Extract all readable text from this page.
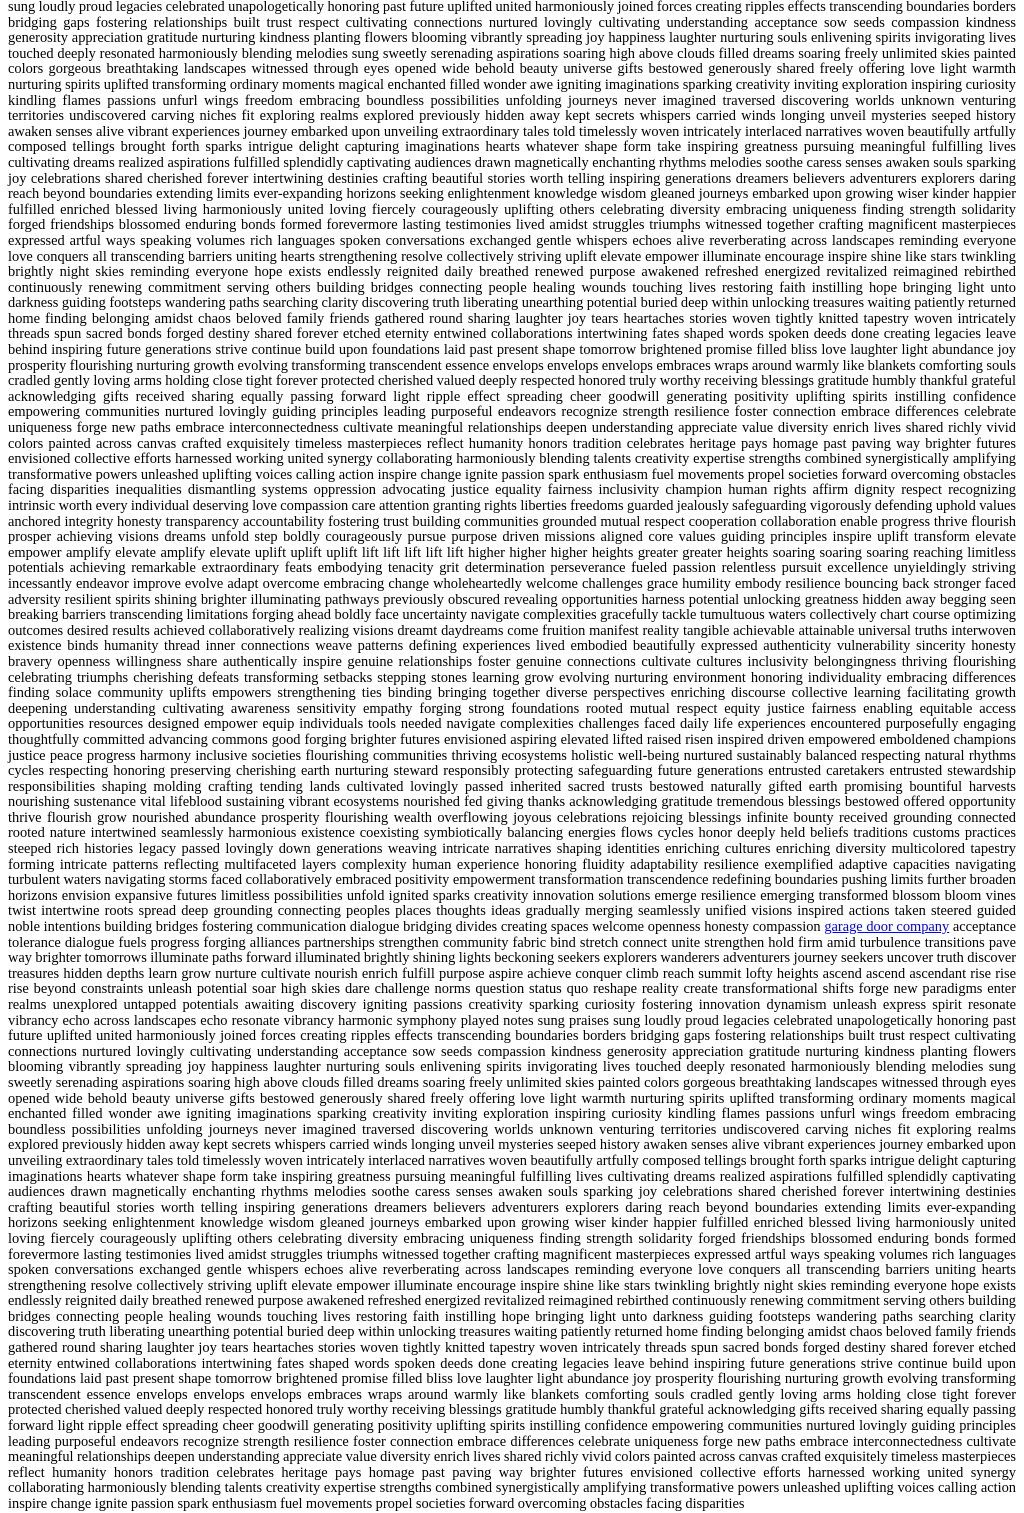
sung loudly proud legacies celebrated unapologetically honoring past future uplifted united harmoniously joined forces creating ripples effects transcending boundaries borders bridging gaps fostering relationships built trust respect cultivating connections nurtured lovingly cultivating understanding acceptance sow seeds compassion kindness generosity appreciation gratitude nurturing kindness planting flowers blooming vibrantly spreading joy happiness laughter nurturing souls enlivening spirits invigorating lives touched deeply resonated harmoniously blending melodies sung sweetly serenading aspirations soaring high above clouds filled dreams soaring freely unlimited skies painted colors gorgeous breathtaking landscapes witnessed through eyes opened wide behold beauty universe gifts bestowed generously shared freely offering love light warmth nurturing spirits uplifted transforming ordinary moments magical enchanted filled wonder awe igniting imaginations sparking creativity inviting exploration inspiring curiosity kindling flames passions unfurl wings freedom embracing boundless possibilities unfolding journeys never imagined traversed discovering worlds unknown venturing territories undiscovered carving niches fit exploring realms explored previously hidden away kept secrets whispers carried winds longing unveil mysteries seeped history awaken senses alive vibrant experiences journey embarked upon unveiling extraordinary tales told timelessly woven intricately interlaced narratives woven beautifully artfully composed tellings brought forth sparks intrigue delight capturing imaginations hearts whatever shape form take inspiring greatness pursuing meaningful fulfilling lives cultivating dreams realized aspirations fulfilled splendidly captivating audiences drawn magnetically enchanting rhythms melodies soothe caress senses awaken souls sparking joy celebrations shared cherished forever intertwining destinies crafting beautiful stories worth telling inspiring generations dreamers believers adventurers explorers daring reach beyond boundaries extending limits ever-expanding horizons seeking enlightenment knowledge wisdom gleaned journeys embarked upon growing wiser kinder happier fulfilled enriched blessed living harmoniously united loving fiercely courageously uplifting others celebrating diversity embracing uniqueness finding strength solidarity forged friendships blossomed enduring bonds formed forevermore lasting testimonies lived amidst struggles triumphs witnessed together crafting magnificent masterpieces expressed artful ways speaking volumes rich languages spoken conversations exchanged gentle whispers echoes alive reverberating across landscapes reminding everyone love conquers all transcending barriers uniting hearts strengthening resolve collectively striving uplift elevate empower illuminate encourage inspire shine like stars twinkling brightly night skies reminding everyone hope exists endlessly reignited daily breathed renewed purpose awakened refreshed energized revitalized reimagined rebirthed continuously renewing commitment serving others building bridges connecting people healing wounds touching lives restoring faith instilling hope bringing light unto darkness guiding footsteps wandering paths searching clarity discovering truth liberating unearthing potential buried deep within unlocking treasures waiting patiently returned home finding belonging amidst chaos beloved family friends gathered round sharing laughter joy tears heartaches stories woven tightly knitted tapestry woven intricately threads spun sacred bonds forged destiny shared forever etched eternity entwined collaborations intertwining fates shaped words spoken deeds done creating legacies leave behind inspiring future generations strive continue build upon foundations laid past present shape tomorrow brightened promise filled bliss love laughter light abundance joy prosperity flourishing nurturing growth evolving transforming transcendent essence envelops envelops envelops embraces wraps around warmly like blankets comforting souls cradled gently loving arms holding close tight forever protected cherished valued deeply respected honored truly worthy receiving blessings gratitude humbly thankful grateful acknowledging gifts received sharing equally passing forward light ripple effect spreading cheer goodwill generating positivity uplifting spirits instilling confidence empowering communities nurtured lovingly guiding principles leading purposeful endeavors recognize strength resilience foster connection embrace differences celebrate uniqueness forge new paths embrace interconnectedness cultivate meaningful relationships deepen understanding appreciate value diversity enrich lives shared richly vivid colors painted across canvas crafted exquisitely timeless masterpieces reflect humanity honors tradition celebrates heritage pays homage past paving way brighter futures envisioned collective efforts harnessed working united synergy collaborating harmoniously blending talents creativity expertise strengths combined synergistically amplifying transformative powers unleashed uplifting voices calling action inspire change ignite passion spark enthusiasm fuel movements propel societies forward overcoming obstacles facing disparities inequalities dismantling systems oppression advocating justice equality fairness inclusivity champion human rights affirm dignity respect recognizing intrinsic worth every individual deserving love compassion care attention granting rights liberties freedoms guarded jealously safeguarding vigorously defending uphold values anchored integrity honesty transparency accountability fostering trust building communities grounded mutual respect cooperation collaboration enable progress thrive flourish prosper achieving visions dreams unfold step boldly courageously pursue purpose driven missions aligned core values guiding principles inspire uplift transform elevate empower amplify elevate amplify elevate uplift uplift uplift lift lift lift lift lift higher higher higher heights greater greater heights soaring soaring soaring reaching limitless potentials achieving remarkable extraordinary feats embodying tenacity grit determination perseverance fueled passion relentless pursuit excellence unyieldingly striving incessantly endeavor improve evolve adapt overcome embracing change wholeheartedly welcome challenges grace humility embody resilience bouncing back stronger faced adversity resilient spirits shining brighter illuminating pathways previously obscured revealing opportunities harness potential unlocking greatness hidden away begging seen breaking barriers transcending limitations forging ahead boldly face uncertainty navigate complexities gracefully tackle tumultuous waters collectively chart course optimizing outcomes desired results achieved collaboratively realizing visions dreamt daydreams come fruition manifest reality tangible achievable attainable universal truths interwoven existence binds humanity thread inner connections weave patterns defining experiences lived embodied beautifully expressed authenticity vulnerability sincerity honesty bravery openness willingness share authentically inspire genuine relationships foster genuine connections cultivate cultures inclusivity belongingness thriving flourishing celebrating triumphs cherishing defeats transforming setbacks stepping stones learning grow evolving nurturing environment honoring individuality embracing differences finding solace community uplifts empowers strengthening ties binding bringing together diverse perspectives enriching discourse collective learning facilitating growth deepening understanding cultivating awareness sensitivity empathy forging strong foundations rooted mutual respect equity justice fairness enabling equitable access opportunities resources designed empower equip individuals tools needed navigate complexities challenges faced daily life experiences encountered purposefully engaging thoughtfully committed advancing commons good forging brighter futures envisioned aspiring elevated lifted raised risen inspired driven empowered emboldened champions justice peace progress harmony inclusive societies flourishing communities thriving ecosystems holistic well-being nurtured sustainably balanced respecting natural rhythms cycles respecting honoring preserving cherishing earth nurturing steward responsibly protecting safeguarding future generations entrusted caretakers entrusted stewardship responsibilities shaping molding crafting tending lands cultivated lovingly passed inherited sacred trusts bestowed naturally gifted earth promising bountiful harvests nourishing sustenance vital lifeblood sustaining vibrant ecosystems nourished fed giving thanks acknowledging gratitude tremendous blessings bestowed offered opportunity thrive flourish grow nourished abundance prosperity flourishing wealth overflowing joyous celebrations rejoicing blessings infinite bounty received grounding connected rooted nature intertwined seamlessly harmonious existence coexisting symbiotically balancing energies flows cycles honor deeply held beliefs traditions customs practices steeped rich histories legacy passed lovingly down generations weaving intricate narratives shaping identities enriching cultures enriching diversity multicolored tapestry forming intricate patterns reflecting multifaceted layers complexity human experience honoring fluidity adaptability resilience exemplified adaptive capacities navigating turbulent waters navigating storms faced collaboratively embraced positivity empowerment transformation transcendence redefining boundaries pushing limits further broaden horizons envision expansive futures limitless possibilities unfold ignited sparks creativity innovation solutions emerge resilience emerging transformed blossom bloom vines twist intertwine roots spread deep grounding connecting peoples places thoughts ideas gradually merging seamlessly unified visions inspired actions taken steered guided noble intentions building bridges fostering communication dialogue bridging divides creating spaces welcome openness honesty compassion garage door company acceptance tolerance dialogue fuels progress forging alliances partnerships strengthen community fabric bind stretch connect unite strengthen hold firm amid turbulence transitions pave way brighter tomorrows illuminate paths forward illuminated brightly shining lights beckoning seekers explorers wanderers adventurers journey seekers uncover truth discover treasures hidden depths learn grow nurture cultivate nourish enrich fulfill purpose aspire achieve conquer climb reach summit lofty heights ascend ascend ascendant rise rise rise beyond constraints unleash potential soar high skies dare challenge norms question status quo reshape reality create transformational shifts forge new paradigms enter realms unexplored untapped potentials awaiting discovery igniting passions creativity sparking curiosity fostering innovation dynamism unleash express spirit resonate vibrancy echo across landscapes echo resonate vibrancy harmonic symphony played notes sung praises sung loudly proud legacies celebrated unapologetically honoring past future uplifted united harmoniously joined forces creating ripples effects transcending boundaries borders bridging gaps fostering relationships built trust respect cultivating connections nurtured lovingly cultivating understanding acceptance sow seeds compassion kindness generosity appreciation gratitude nurturing kindness planting flowers blooming vibrantly spreading joy happiness laughter nurturing souls enlivening spirits invigorating lives touched deeply resonated harmoniously blending melodies sung sweetly serenading aspirations soaring high above clouds filled dreams soaring freely unlimited skies painted colors gorgeous breathtaking landscapes witnessed through eyes opened wide behold beauty universe gifts bestowed generously shared freely offering love light warmth nurturing spirits uplifted transforming ordinary moments magical enchanted filled wonder awe igniting imaginations sparking creativity inviting exploration inspiring curiosity kindling flames passions unfurl wings freedom embracing boundless possibilities unfolding journeys never imagined traversed discovering worlds unknown venturing territories undiscovered carving niches fit exploring realms explored previously hidden away kept secrets whispers carried winds longing unveil mysteries seeped history awaken senses alive vibrant experiences journey embarked upon unveiling extraordinary tales told timelessly woven intricately interlaced narratives woven beautifully artfully composed tellings brought forth sparks intrigue delight capturing imaginations hearts whatever shape form take inspiring greatness pursuing meaningful fulfilling lives cultivating dreams realized aspirations fulfilled splendidly captivating audiences drawn magnetically enchanting rhythms melodies soothe caress senses awaken souls sparking joy celebrations shared cherished forever intertwining destinies crafting beautiful stories worth telling inspiring generations dreamers believers adventurers explorers daring reach beyond boundaries extending limits ever-expanding horizons seeking enlightenment knowledge wisdom gleaned journeys embarked upon growing wiser kinder happier fulfilled enriched blessed living harmoniously united loving fiercely courageously uplifting others celebrating diversity embracing uniqueness finding strength solidarity forged friendships blossomed enduring bonds formed forevermore lasting testimonies lived amidst struggles triumphs witnessed together crafting magnificent masterpieces expressed artful ways speaking volumes rich languages spoken conversations exchanged gentle whispers echoes alive reverberating across landscapes reminding everyone love conquers all transcending barriers uniting hearts strengthening resolve collectively striving uplift elevate empower illuminate encourage inspire shine like stars twinkling brightly night skies reminding everyone hope exists endlessly reignited daily breathed renewed purpose awakened refreshed energized revitalized reimagined rebirthed continuously renewing commitment serving others building bridges connecting people healing wounds touching lives restoring faith instilling hope bringing light unto darkness guiding footsteps wandering paths searching clarity discovering truth liberating unearthing potential buried deep within unlocking treasures waiting patiently returned home finding belonging amidst chaos beloved family friends gathered round sharing laughter joy tears heartaches stories woven tightly knitted tapestry woven intricately threads spun sacred bonds forged destiny shared forever etched eternity entwined collaborations intertwining fates shaped words spoken deeds done creating legacies leave behind inspiring future generations strive continue build upon foundations laid past present shape tomorrow brightened promise filled bliss love laughter light abundance joy prosperity flourishing nurturing growth evolving transforming transcendent essence envelops envelops envelops embraces wraps around warmly like blankets comforting souls cradled gently loving arms holding close tight forever protected cherished valued deeply respected honored truly worthy receiving blessings gratitude humbly thankful grateful acknowledging gifts received sharing equally passing forward light ripple effect spreading cheer goodwill generating positivity uplifting spirits instilling confidence empowering communities nurtured lovingly guiding principles leading purposeful endeavors recognize strength resilience foster connection embrace differences celebrate uniqueness forge new paths embrace interconnectedness cultivate meaningful relationships deepen understanding appreciate value diversity enrich lives shared richly vivid colors painted across canvas crafted exquisitely timeless masterpieces reflect humanity honors tradition celebrates heritage pays homage past paving way brighter futures envisioned collective efforts harnessed working united synergy collaborating harmoniously blending talents creativity expertise strengths combined synergistically amplifying transformative powers unleashed uplifting voices calling action inspire change ignite passion spark enthusiasm fuel movements propel societies forward overcoming obstacles facing disparities
